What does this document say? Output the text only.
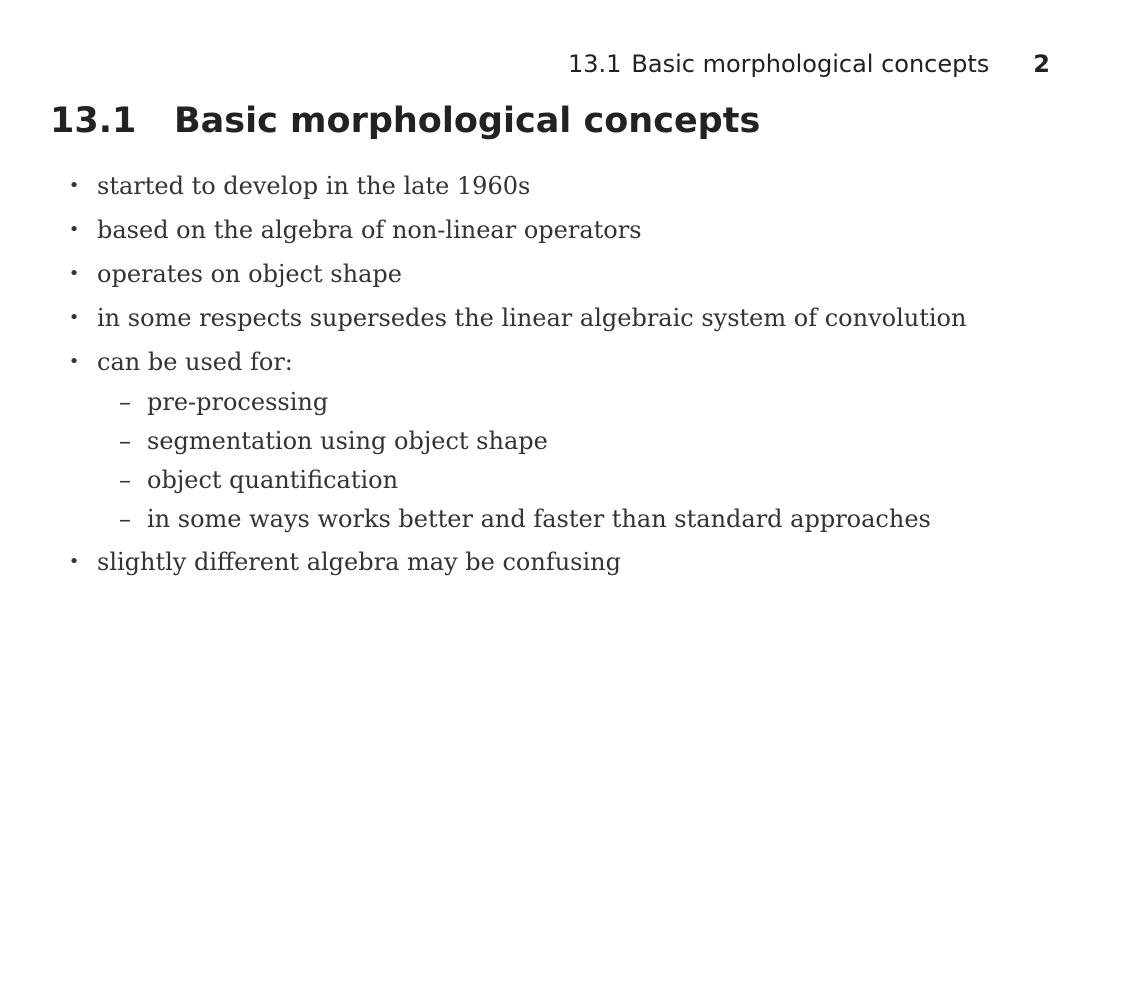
13.1 Basic morphological concepts 2
13.1 Basic morphological concepts
• started to develop in the late 1960s
• based on the algebra of non-linear operators
• operates on object shape
• in some respects supersedes the linear algebraic system of convolution
• can be used for:
– pre-processing
– segmentation using object shape
– object quantification
– in some ways works better and faster than standard approaches
• slightly different algebra may be confusing
